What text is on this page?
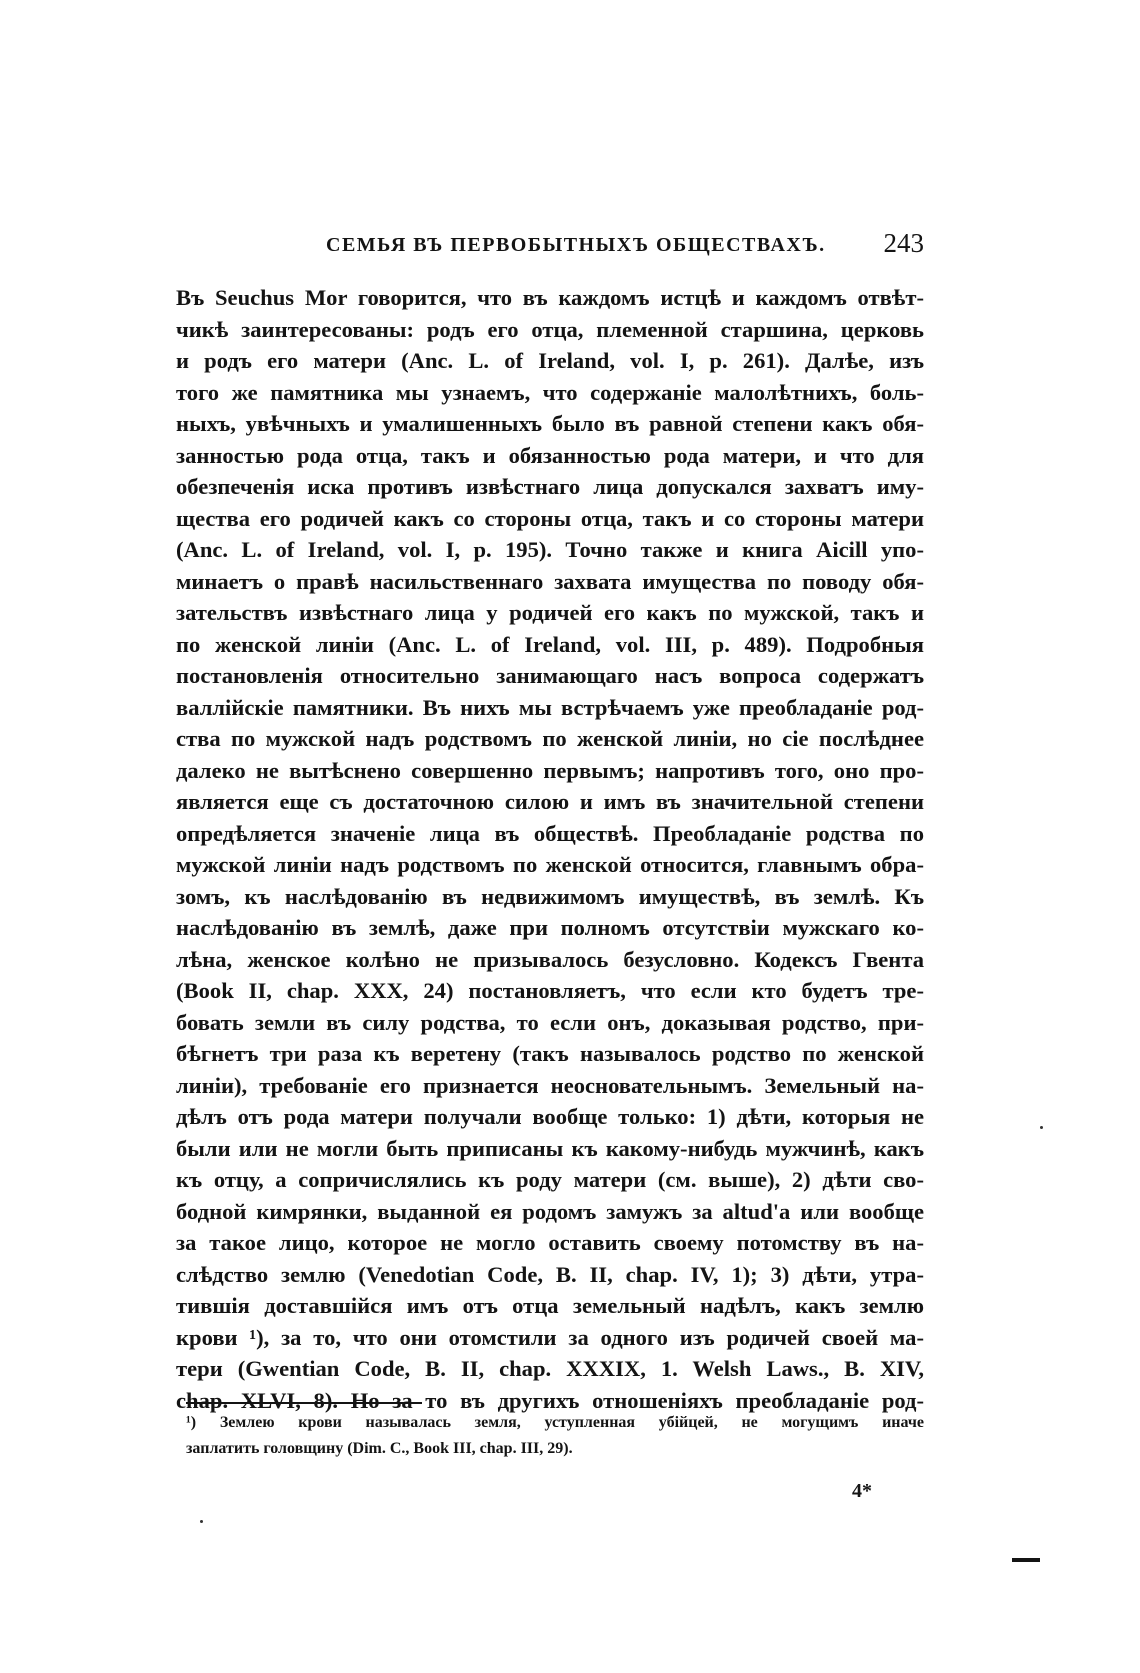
СЕМЬЯ ВЪ ПЕРВОБЫТНЫХЪ ОБЩЕСТВАХЪ. 243
Въ Seuchus Mor говорится, что въ каждомъ истцѣ и каждомъ отвѣт-
чикѣ заинтересованы: родъ его отца, племенной старшина, церковь
и родъ его матери (Anc. L. of Ireland, vol. I, p. 261). Далѣе, изъ
того же памятника мы узнаемъ, что содержаніе малолѣтнихъ, боль-
ныхъ, увѣчныхъ и умалишенныхъ было въ равной степени какъ обя-
занностью рода отца, такъ и обязанностью рода матери, и что для
обезпеченія иска противъ извѣстнаго лица допускался захватъ иму-
щества его родичей какъ со стороны отца, такъ и со стороны матери
(Anc. L. of Ireland, vol. I, p. 195). Точно также и книга Aicill упо-
минаетъ о правѣ насильственнаго захвата имущества по поводу обя-
зательствъ извѣстнаго лица у родичей его какъ по мужской, такъ и
по женской линіи (Anc. L. of Ireland, vol. III, p. 489). Подробныя
постановленія относительно занимающаго насъ вопроса содержатъ
валлійскіе памятники. Въ нихъ мы встрѣчаемъ уже преобладаніе род-
ства по мужской надъ родствомъ по женской линіи, но сіе послѣднее
далеко не вытѣснено совершенно первымъ; напротивъ того, оно про-
является еще съ достаточною силою и имъ въ значительной степени
опредѣляется значеніе лица въ обществѣ. Преобладаніе родства по
мужской линіи надъ родствомъ по женской относится, главнымъ обра-
зомъ, къ наслѣдованію въ недвижимомъ имуществѣ, въ землѣ. Къ
наслѣдованію въ землѣ, даже при полномъ отсутствіи мужскаго ко-
лѣна, женское колѣно не призывалось безусловно. Кодексъ Гвента
(Book II, chap. XXX, 24) постановляетъ, что если кто будетъ тре-
бовать земли въ силу родства, то если онъ, доказывая родство, при-
бѣгнетъ три раза къ веретену (такъ называлось родство по женской
линіи), требованіе его признается неосновательнымъ. Земельный на-
дѣлъ отъ рода матери получали вообще только: 1) дѣти, которыя не
были или не могли быть приписаны къ какому-нибудь мужчинѣ, какъ
къ отцу, а сопричислялись къ роду матери (см. выше), 2) дѣти сво-
бодной кимрянки, выданной ея родомъ замужъ за altud'а или вообще
за такое лицо, которое не могло оставить своему потомству въ на-
слѣдство землю (Venedotian Code, B. II, chap. IV, 1); 3) дѣти, утра-
тившія доставшійся имъ отъ отца земельный надѣлъ, какъ землю
крови ¹), за то, что они отомстили за одного изъ родичей своей ма-
тери (Gwentian Code, B. II, chap. XXXIX, 1. Welsh Laws., B. XIV,
chap. XLVI, 8). Но за то въ другихъ отношеніяхъ преобладаніе род-
¹) Землею крови называлась земля, уступленная убійцей, не могущимъ иначе
заплатить головщину (Dim. C., Book III, chap. III, 29).
4*
